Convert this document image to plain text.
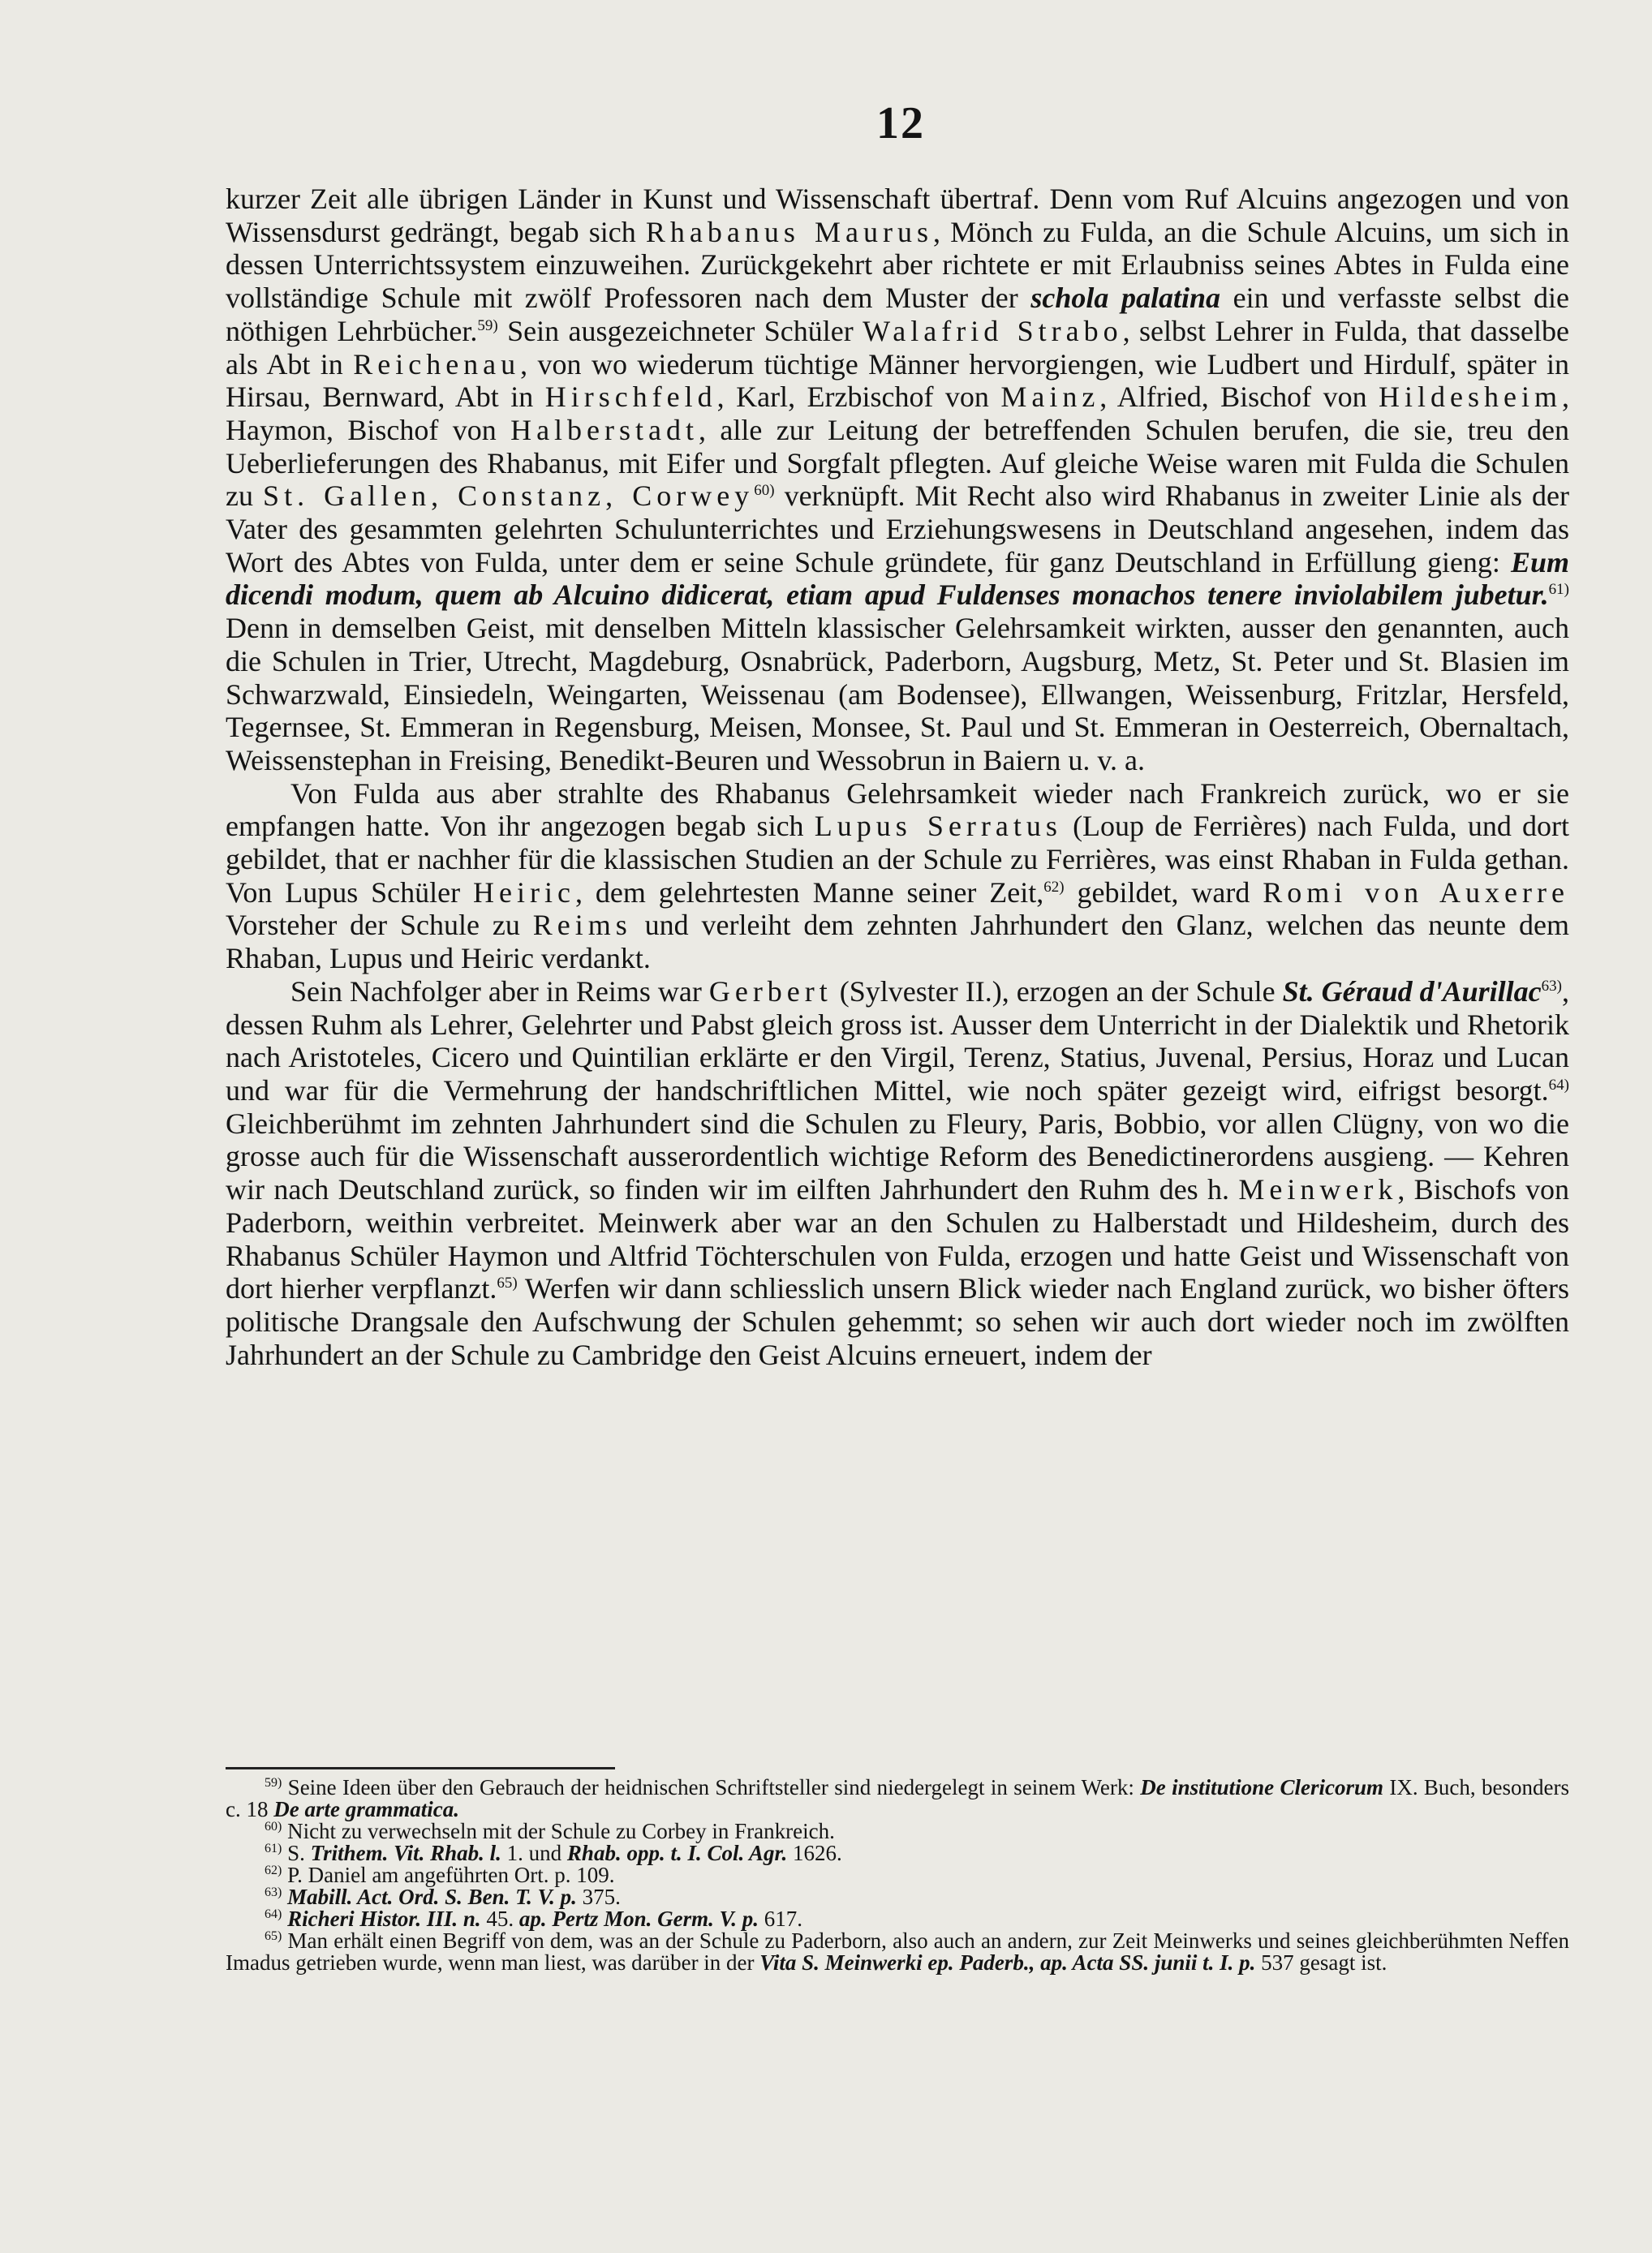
12

kurzer Zeit alle übrigen Länder in Kunst und Wissenschaft übertraf. Denn vom Ruf Alcuins angezogen und von Wissensdurst gedrängt, begab sich Rhabanus Maurus, Mönch zu Fulda, an die Schule Alcuins, um sich in dessen Unterrichtssystem einzuweihen. Zurückgekehrt aber richtete er mit Erlaubniss seines Abtes in Fulda eine vollständige Schule mit zwölf Professoren nach dem Muster der schola palatina ein und verfasste selbst die nöthigen Lehrbücher.$^{59)}$ Sein ausgezeichneter Schüler Walafrid Strabo, selbst Lehrer in Fulda, that dasselbe als Abt in Reichenau, von wo wiederum tüchtige Männer hervorgiengen, wie Ludbert und Hirdulf, später in Hirsau, Bernward, Abt in Hirschfeld, Karl, Erzbischof von Mainz, Alfried, Bischof von Hildesheim, Haymon, Bischof von Halberstadt, alle zur Leitung der betreffenden Schulen berufen, die sie, treu den Ueberlieferungen des Rhabanus, mit Eifer und Sorgfalt pflegten. Auf gleiche Weise waren mit Fulda die Schulen zu St. Gallen, Constanz, Corwey$^{60)}$ verknüpft. Mit Recht also wird Rhabanus in zweiter Linie als der Vater des gesammten gelehrten Schulunterrichtes und Erziehungswesens in Deutschland angesehen, indem das Wort des Abtes von Fulda, unter dem er seine Schule gründete, für ganz Deutschland in Erfüllung gieng: Eum dicendi modum, quem ab Alcuino didicerat, etiam apud Fuldenses monachos tenere inviolabilem jubetur.$^{61)}$ Denn in demselben Geist, mit denselben Mitteln klassischer Gelehrsamkeit wirkten, ausser den genannten, auch die Schulen in Trier, Utrecht, Magdeburg, Osnabrück, Paderborn, Augsburg, Metz, St. Peter und St. Blasien im Schwarzwald, Einsiedeln, Weingarten, Weissenau (am Bodensee), Ellwangen, Weissenburg, Fritzlar, Hersfeld, Tegernsee, St. Emmeran in Regensburg, Meisen, Monsee, St. Paul und St. Emmeran in Oesterreich, Obernaltach, Weissenstephan in Freising, Benedikt-Beuren und Wessobrun in Baiern u. v. a.

Von Fulda aus aber strahlte des Rhabanus Gelehrsamkeit wieder nach Frankreich zurück, wo er sie empfangen hatte. Von ihr angezogen begab sich Lupus Serratus (Loup de Ferrières) nach Fulda, und dort gebildet, that er nachher für die klassischen Studien an der Schule zu Ferrières, was einst Rhaban in Fulda gethan. Von Lupus Schüler Heiric, dem gelehrtesten Manne seiner Zeit,$^{62)}$ gebildet, ward Romi von Auxerre Vorsteher der Schule zu Reims und verleiht dem zehnten Jahrhundert den Glanz, welchen das neunte dem Rhaban, Lupus und Heiric verdankt.

Sein Nachfolger aber in Reims war Gerbert (Sylvester II.), erzogen an der Schule St. Géraud d'Aurillac$^{63)}$, dessen Ruhm als Lehrer, Gelehrter und Pabst gleich gross ist. Ausser dem Unterricht in der Dialektik und Rhetorik nach Aristoteles, Cicero und Quintilian erklärte er den Virgil, Terenz, Statius, Juvenal, Persius, Horaz und Lucan und war für die Vermehrung der handschriftlichen Mittel, wie noch später gezeigt wird, eifrigst besorgt.$^{64)}$ Gleichberühmt im zehnten Jahrhundert sind die Schulen zu Fleury, Paris, Bobbio, vor allen Clügny, von wo die grosse auch für die Wissenschaft ausserordentlich wichtige Reform des Benedictinerordens ausgieng. — Kehren wir nach Deutschland zurück, so finden wir im eilften Jahrhundert den Ruhm des h. Meinwerk, Bischofs von Paderborn, weithin verbreitet. Meinwerk aber war an den Schulen zu Halberstadt und Hildesheim, durch des Rhabanus Schüler Haymon und Altfrid Töchterschulen von Fulda, erzogen und hatte Geist und Wissenschaft von dort hierher verpflanzt.$^{65)}$ Werfen wir dann schliesslich unsern Blick wieder nach England zurück, wo bisher öfters politische Drangsale den Aufschwung der Schulen gehemmt; so sehen wir auch dort wieder noch im zwölften Jahrhundert an der Schule zu Cambridge den Geist Alcuins erneuert, indem der

$^{59)}$ Seine Ideen über den Gebrauch der heidnischen Schriftsteller sind niedergelegt in seinem Werk: De institutione Clericorum IX. Buch, besonders c. 18 De arte grammatica.

$^{60)}$ Nicht zu verwechseln mit der Schule zu Corbey in Frankreich.

$^{61)}$ S. Trithem. Vit. Rhab. l. 1. und Rhab. opp. t. I. Col. Agr. 1626.

$^{62)}$ P. Daniel am angeführten Ort. p. 109.

$^{63)}$ Mabill. Act. Ord. S. Ben. T. V. p. 375.

$^{64)}$ Richeri Histor. III. n. 45. ap. Pertz Mon. Germ. V. p. 617.

$^{65)}$ Man erhält einen Begriff von dem, was an der Schule zu Paderborn, also auch an andern, zur Zeit Meinwerks und seines gleichberühmten Neffen Imadus getrieben wurde, wenn man liest, was darüber in der Vita S. Meinwerki ep. Paderb., ap. Acta SS. junii t. I. p. 537 gesagt ist.
